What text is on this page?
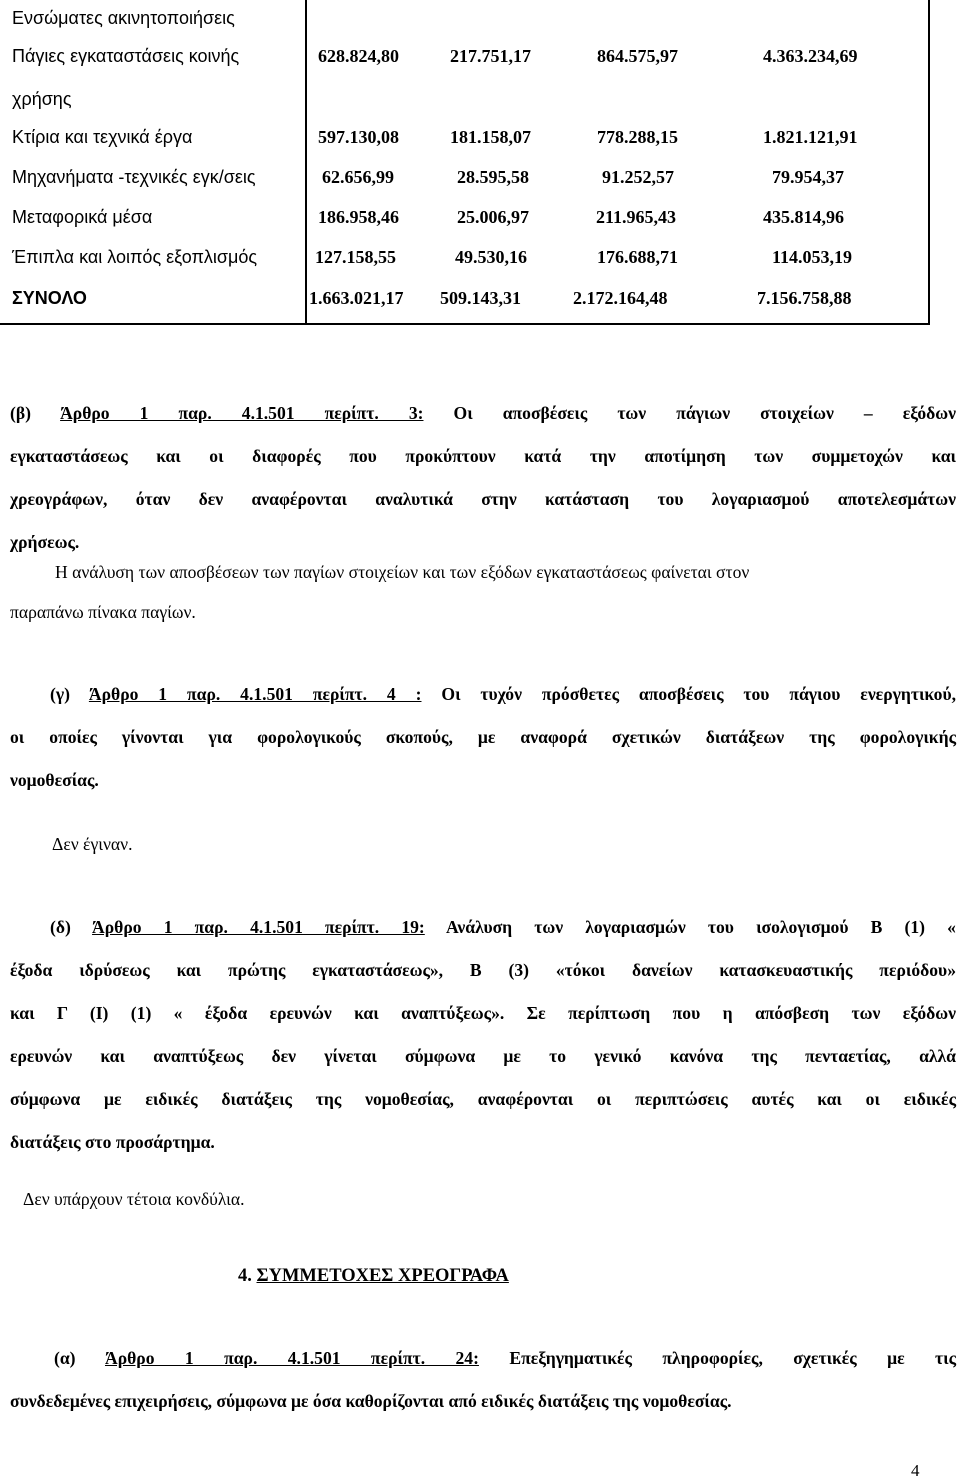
Ενσώματες ακινητοποιήσεις
Πάγιες εγκαταστάσεις κοινής
χρήσης
628.824,80	217.751,17	864.575,97	4.363.234,69
Κτίρια και τεχνικά έργα	597.130,08	181.158,07	778.288,15	1.821.121,91
Μηχανήματα -τεχνικές εγκ/σεις	62.656,99	28.595,58	91.252,57	79.954,37
Μεταφορικά μέσα	186.958,46	25.006,97	211.965,43	435.814,96
Έπιπλα και λοιπός εξοπλισμός	127.158,55	49.530,16	176.688,71	114.053,19
ΣΥΝΟΛΟ	1.663.021,17 509.143,31	2.172.164,48	7.156.758,88
(β) Άρθρο 1 παρ. 4.1.501 περίπτ. 3: Οι αποσβέσεις των πάγιων στοιχείων – εξόδων
εγκαταστάσεως και οι διαφορές που προκύπτουν κατά την αποτίμηση των συμμετοχών και
χρεογράφων, όταν δεν αναφέρονται αναλυτικά στην κατάσταση του λογαριασμού αποτελεσμάτων
χρήσεως.
Η ανάλυση των αποσβέσεων των παγίων στοιχείων και των εξόδων εγκαταστάσεως φαίνεται στον
παραπάνω πίνακα παγίων.
(γ) Άρθρο 1 παρ. 4.1.501 περίπτ. 4 : Οι τυχόν πρόσθετες αποσβέσεις του πάγιου ενεργητικού,
οι οποίες γίνονται για φορολογικούς σκοπούς, με αναφορά σχετικών διατάξεων της φορολογικής
νομοθεσίας.
Δεν έγιναν.
(δ) Άρθρο 1 παρ. 4.1.501 περίπτ. 19: Ανάλυση των λογαριασμών του ισολογισμού Β (1) «
έξοδα ιδρύσεως και πρώτης εγκαταστάσεως», Β (3) «τόκοι δανείων κατασκευαστικής περιόδου»
και Γ (Ι) (1) « έξοδα ερευνών και αναπτύξεως». Σε περίπτωση που η απόσβεση των εξόδων
ερευνών και αναπτύξεως δεν γίνεται σύμφωνα με το γενικό κανόνα της πενταετίας, αλλά
σύμφωνα με ειδικές διατάξεις της νομοθεσίας, αναφέρονται οι περιπτώσεις αυτές και οι ειδικές
διατάξεις στο προσάρτημα.
Δεν υπάρχουν τέτοια κονδύλια.
4. ΣΥΜΜΕΤΟΧΕΣ ΧΡΕΟΓΡΑΦΑ
(α) Άρθρο 1 παρ. 4.1.501 περίπτ. 24: Επεξηγηματικές πληροφορίες, σχετικές με τις
συνδεδεμένες επιχειρήσεις, σύμφωνα με όσα καθορίζονται από ειδικές διατάξεις της νομοθεσίας.
4
